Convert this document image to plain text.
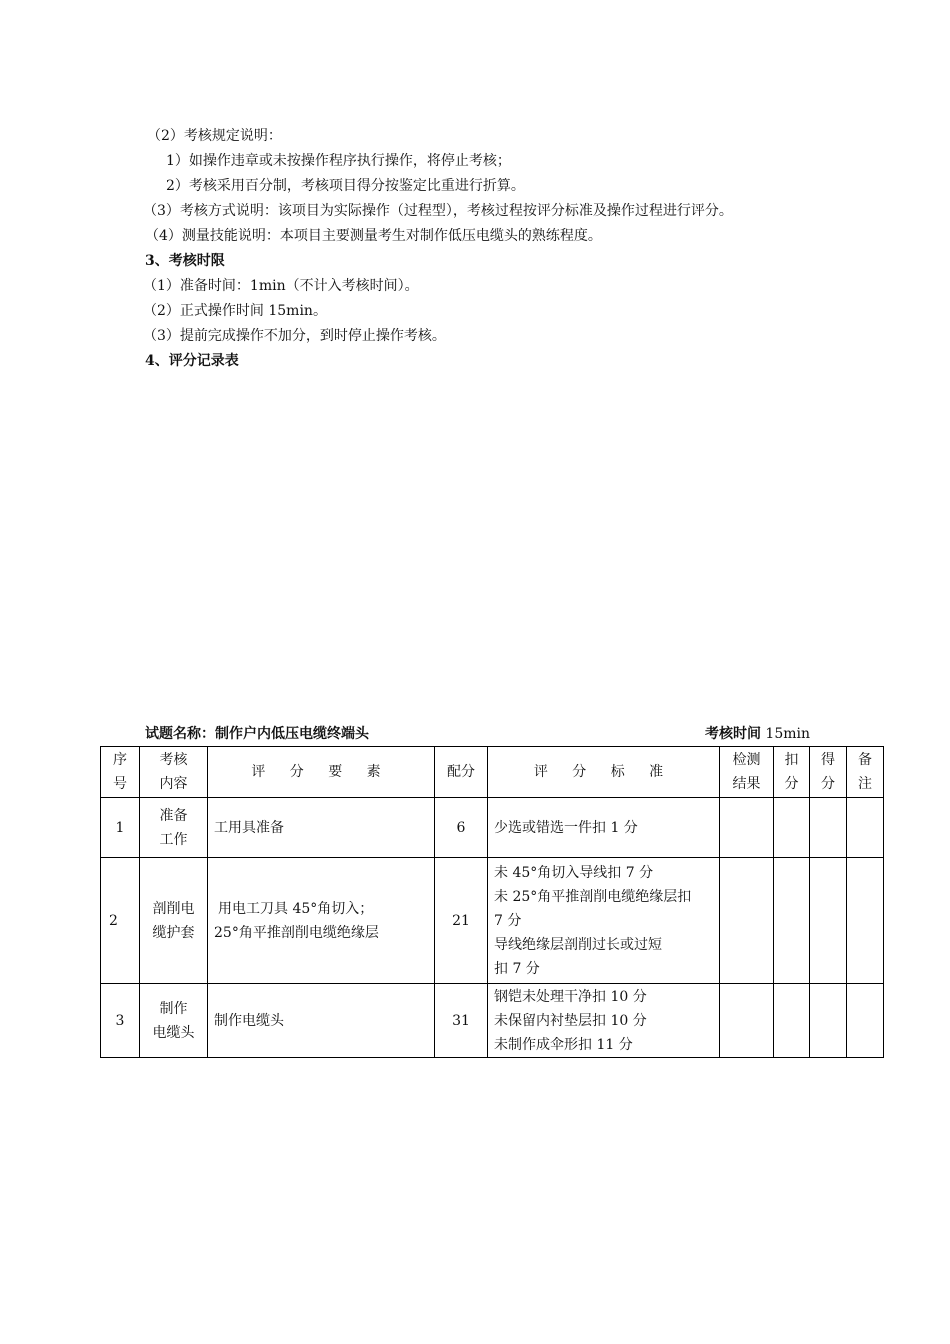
（2）考核规定说明：
1）如操作违章或未按操作程序执行操作，将停止考核；
2）考核采用百分制，考核项目得分按鉴定比重进行折算。
（3）考核方式说明：该项目为实际操作（过程型），考核过程按评分标准及操作过程进行评分。
（4）测量技能说明：本项目主要测量考生对制作低压电缆头的熟练程度。
3、考核时限
（1）准备时间：1min（不计入考核时间）。
（2）正式操作时间 15min。
（3）提前完成操作不加分，到时停止操作考核。
4、评分记录表
试题名称：制作户内低压电缆终端头	考核时间 15min
序
号	考核
内容	评 分 要 素	配分	评 分 标 准	检测
结果	扣
分	得
分	备
注

1	准备
工作	工用具准备	6	少选或错选一件扣 1 分				

2	剖削电
缆护套	用电工刀具 45°角切入；
25°角平推剖削电缆绝缘层	21	未 45°角切入导线扣 7 分
未 25°角平推剖削电缆绝缘层扣
7 分
导线绝缘层剖削过长或过短
扣 7 分				

3	制作
电缆头	制作电缆头	31	钢铠未处理干净扣 10 分
未保留内衬垫层扣 10 分
未制作成伞形扣 11 分				
